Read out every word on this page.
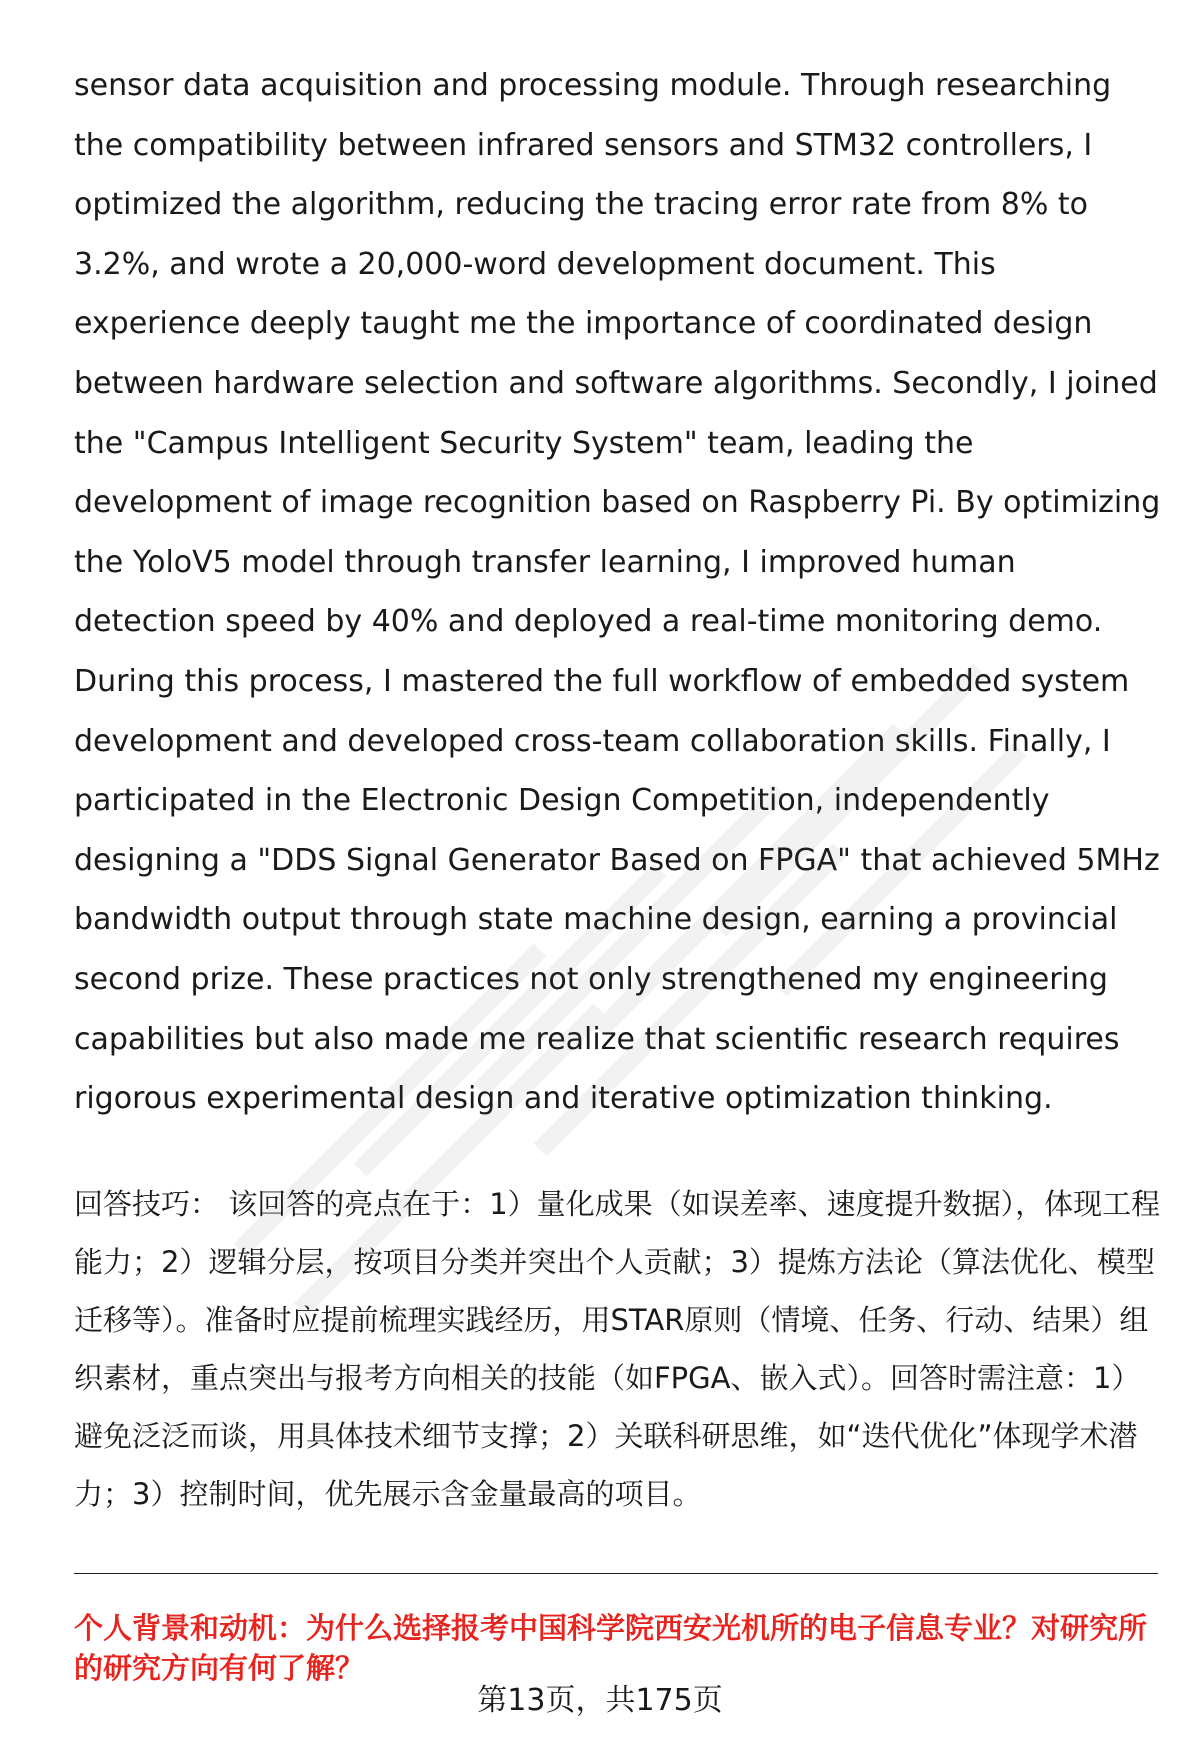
sensor data acquisition and processing module. Through researching the compatibility between infrared sensors and STM32 controllers, I optimized the algorithm, reducing the tracing error rate from 8% to 3.2%, and wrote a 20,000-word development document. This experience deeply taught me the importance of coordinated design between hardware selection and software algorithms. Secondly, I joined the "Campus Intelligent Security System" team, leading the development of image recognition based on Raspberry Pi. By optimizing the YoloV5 model through transfer learning, I improved human detection speed by 40% and deployed a real-time monitoring demo. During this process, I mastered the full workflow of embedded system development and developed cross-team collaboration skills. Finally, I participated in the Electronic Design Competition, independently designing a "DDS Signal Generator Based on FPGA" that achieved 5MHz bandwidth output through state machine design, earning a provincial second prize. These practices not only strengthened my engineering capabilities but also made me realize that scientific research requires rigorous experimental design and iterative optimization thinking.

回答技巧： 该回答的亮点在于：1）量化成果（如误差率、速度提升数据），体现工程能力；2）逻辑分层，按项目分类并突出个人贡献；3）提炼方法论（算法优化、模型迁移等）。准备时应提前梳理实践经历，用STAR原则（情境、任务、行动、结果）组织素材，重点突出与报考方向相关的技能（如FPGA、嵌入式）。回答时需注意：1）避免泛泛而谈，用具体技术细节支撑；2）关联科研思维，如“迭代优化”体现学术潜力；3）控制时间，优先展示含金量最高的项目。

个人背景和动机：为什么选择报考中国科学院西安光机所的电子信息专业？对研究所的研究方向有何了解？
第13页，共175页
